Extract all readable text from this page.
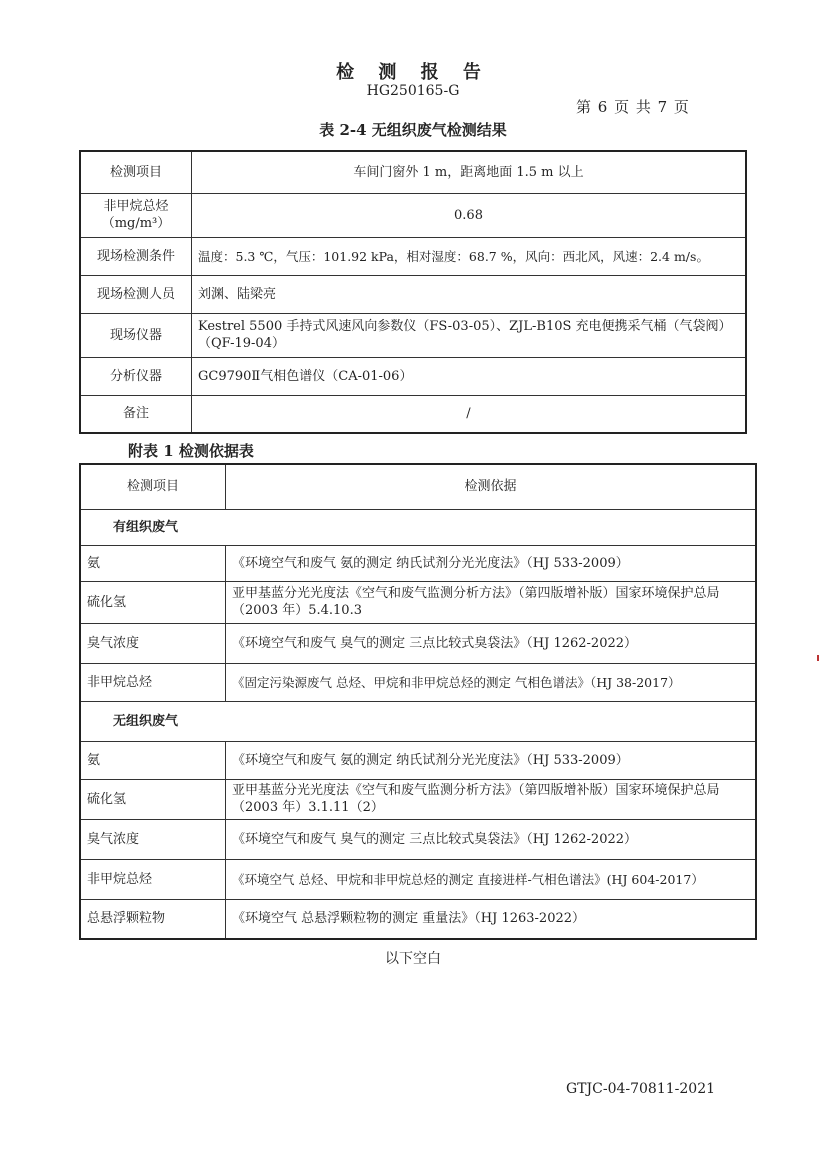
检 测 报 告
HG250165-G
第 6 页 共 7 页
表 2-4 无组织废气检测结果
检测项目	车间门窗外 1 m，距离地面 1.5 m 以上

非甲烷总烃
（mg/m³）	0.68
现场检测条件	温度：5.3 ℃，气压：101.92 kPa，相对湿度：68.7 %，风向：西北风，风速：2.4 m/s。
现场检测人员	刘渊、陆梁亮
现场仪器	Kestrel 5500 手持式风速风向参数仪（FS-03-05）、ZJL-B10S 充电便携采气桶（气袋阀）（QF-19-04）
分析仪器	GC9790Ⅱ气相色谱仪（CA-01-06）
备注	/
附表 1 检测依据表
检测项目	检测依据
有组织废气	
氨	《环境空气和废气 氨的测定 纳氏试剂分光光度法》（HJ 533-2009）
硫化氢	亚甲基蓝分光光度法《空气和废气监测分析方法》（第四版增补版）国家环境保护总局（2003 年）5.4.10.3
臭气浓度	《环境空气和废气 臭气的测定 三点比较式臭袋法》（HJ 1262-2022）
非甲烷总烃	《固定污染源废气 总烃、甲烷和非甲烷总烃的测定 气相色谱法》（HJ 38-2017）
无组织废气	
氨	《环境空气和废气 氨的测定 纳氏试剂分光光度法》（HJ 533-2009）
硫化氢	亚甲基蓝分光光度法《空气和废气监测分析方法》（第四版增补版）国家环境保护总局（2003 年）3.1.11（2）
臭气浓度	《环境空气和废气 臭气的测定 三点比较式臭袋法》（HJ 1262-2022）
非甲烷总烃	《环境空气 总烃、甲烷和非甲烷总烃的测定 直接进样-气相色谱法》(HJ 604-2017）
总悬浮颗粒物	《环境空气 总悬浮颗粒物的测定 重量法》（HJ 1263-2022）
以下空白
GTJC-04-70811-2021
